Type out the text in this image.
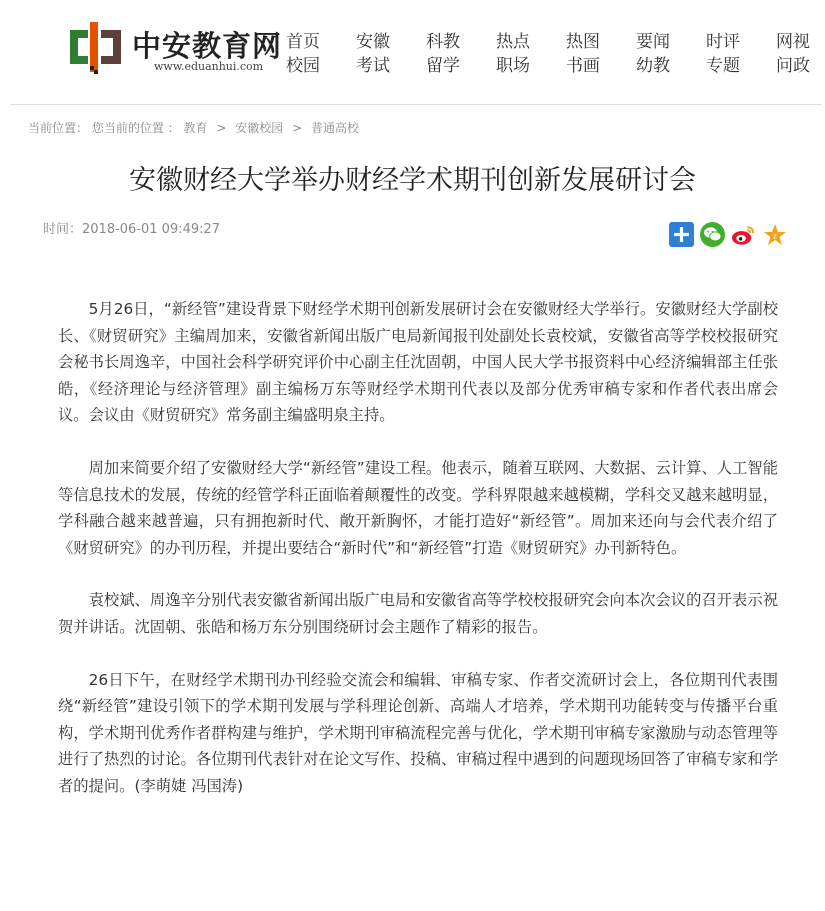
中安教育网
www.eduanhui.com
首页
校园
安徽
考试
科教
留学
热点
职场
热图
书画
要闻
幼教
时评
专题
网视
问政
当前位置： 您当前的位置 ： 教育 > 安徽校园 > 普通高校
安徽财经大学举办财经学术期刊创新发展研讨会
时间：2018-06-01 09:49:27	z

5月26日，“新经管”建设背景下财经学术期刊创新发展研讨会在安徽财经大学举行。安徽财经大学副校长、《财贸研究》主编周加来，安徽省新闻出版广电局新闻报刊处副处长袁校斌，安徽省高等学校校报研究会秘书长周逸辛，中国社会科学研究评价中心副主任沈固朝，中国人民大学书报资料中心经济编辑部主任张皓，《经济理论与经济管理》副主编杨万东等财经学术期刊代表以及部分优秀审稿专家和作者代表出席会议。会议由《财贸研究》常务副主编盛明泉主持。

周加来简要介绍了安徽财经大学“新经管”建设工程。他表示，随着互联网、大数据、云计算、人工智能等信息技术的发展，传统的经管学科正面临着颠覆性的改变。学科界限越来越模糊，学科交叉越来越明显，学科融合越来越普遍，只有拥抱新时代、敞开新胸怀，才能打造好“新经管”。周加来还向与会代表介绍了《财贸研究》的办刊历程，并提出要结合“新时代”和“新经管”打造《财贸研究》办刊新特色。

袁校斌、周逸辛分别代表安徽省新闻出版广电局和安徽省高等学校校报研究会向本次会议的召开表示祝贺并讲话。沈固朝、张皓和杨万东分别围绕研讨会主题作了精彩的报告。

26日下午，在财经学术期刊办刊经验交流会和编辑、审稿专家、作者交流研讨会上，各位期刊代表围绕“新经管”建设引领下的学术期刊发展与学科理论创新、高端人才培养，学术期刊功能转变与传播平台重构，学术期刊优秀作者群构建与维护，学术期刊审稿流程完善与优化，学术期刊审稿专家激励与动态管理等进行了热烈的讨论。各位期刊代表针对在论文写作、投稿、审稿过程中遇到的问题现场回答了审稿专家和学者的提问。(李萌婕 冯国涛)
